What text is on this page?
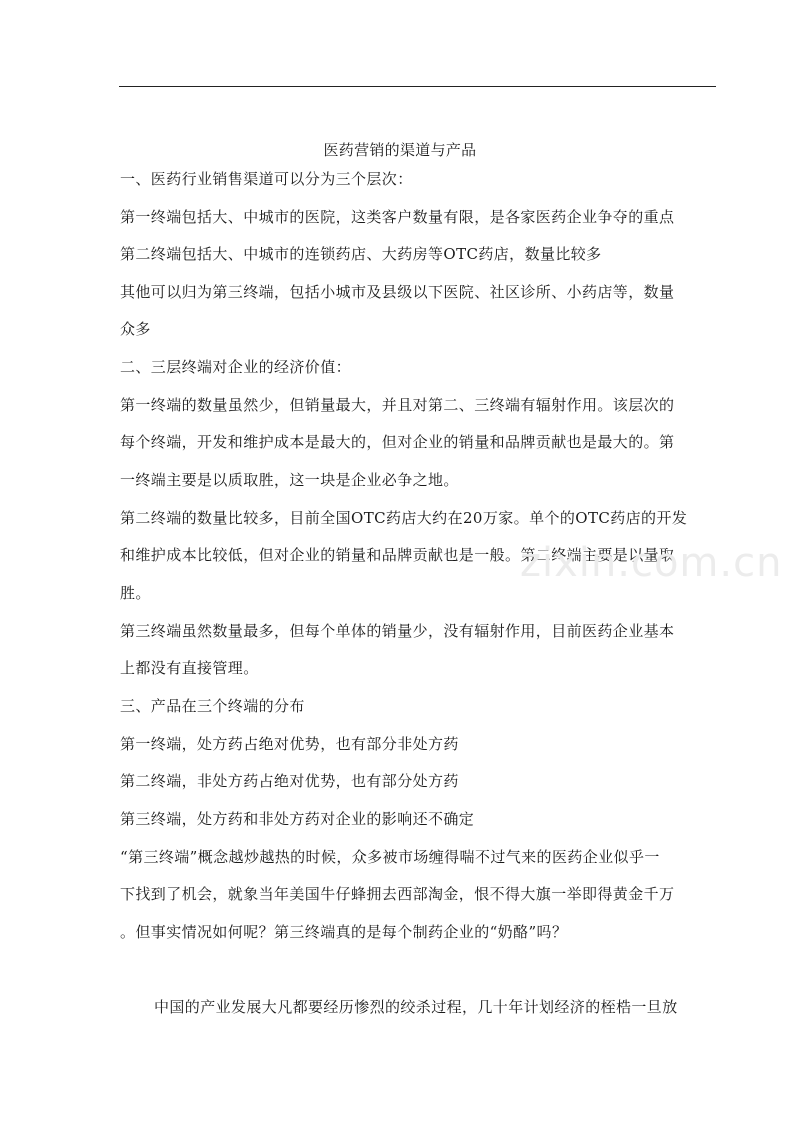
医药营销的渠道与产品
一、医药行业销售渠道可以分为三个层次：
第一终端包括大、中城市的医院，这类客户数量有限，是各家医药企业争夺的重点
第二终端包括大、中城市的连锁药店、大药房等OTC药店，数量比较多
其他可以归为第三终端，包括小城市及县级以下医院、社区诊所、小药店等，数量
众多
二、三层终端对企业的经济价值：
第一终端的数量虽然少，但销量最大，并且对第二、三终端有辐射作用。该层次的
每个终端，开发和维护成本是最大的，但对企业的销量和品牌贡献也是最大的。第
一终端主要是以质取胜，这一块是企业必争之地。
第二终端的数量比较多，目前全国OTC药店大约在20万家。单个的OTC药店的开发
和维护成本比较低，但对企业的销量和品牌贡献也是一般。第二终端主要是以量取
胜。
第三终端虽然数量最多，但每个单体的销量少，没有辐射作用，目前医药企业基本
上都没有直接管理。
三、产品在三个终端的分布
第一终端，处方药占绝对优势，也有部分非处方药
第二终端，非处方药占绝对优势，也有部分处方药
第三终端，处方药和非处方药对企业的影响还不确定
“第三终端”概念越炒越热的时候，众多被市场缠得喘不过气来的医药企业似乎一
下找到了机会，就象当年美国牛仔蜂拥去西部淘金，恨不得大旗一举即得黄金千万
。但事实情况如何呢？第三终端真的是每个制药企业的“奶酪”吗？
中国的产业发展大凡都要经历惨烈的绞杀过程，几十年计划经济的桎梏一旦放
zixin.com.cn
